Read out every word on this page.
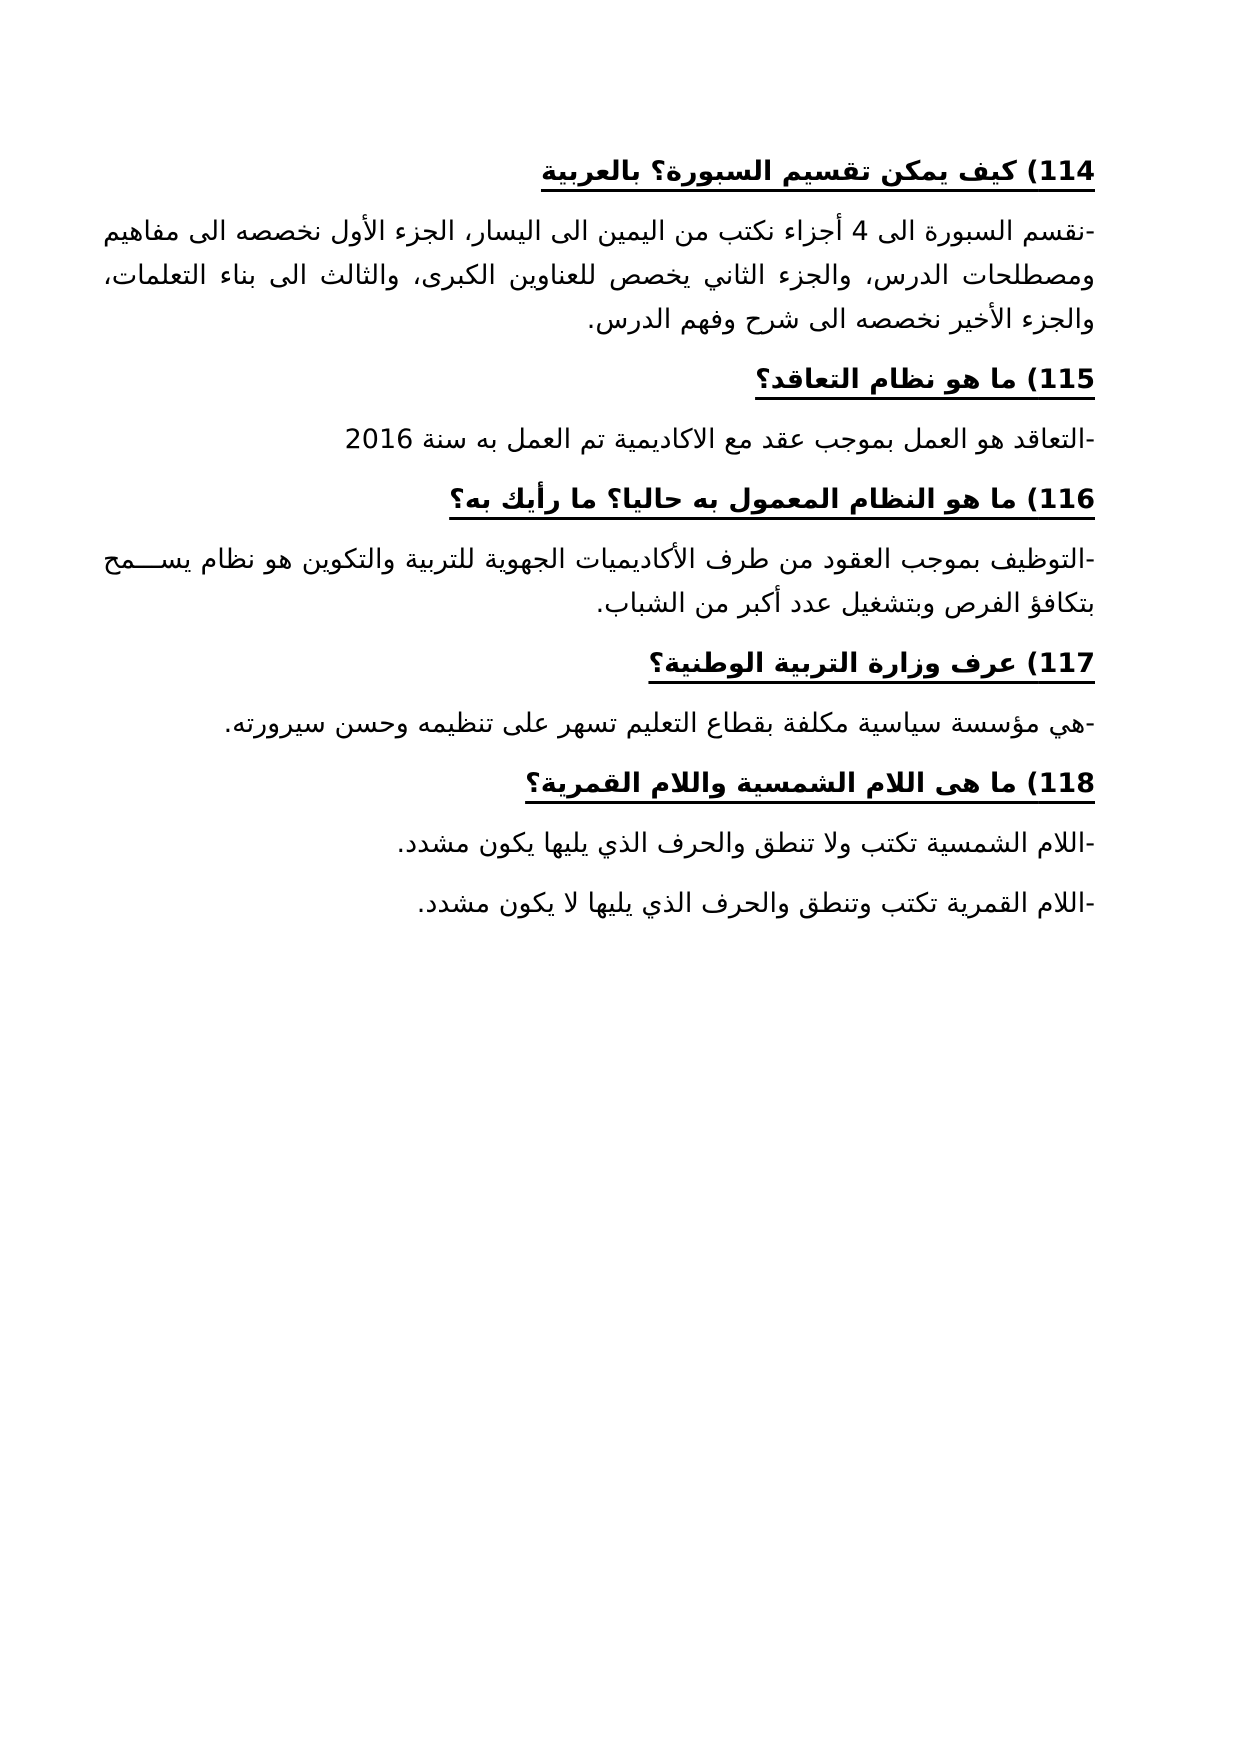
114) كيف يمكن تقسيم السبورة؟ بالعربية

-نقسم السبورة الى 4 أجزاء نكتب من اليمين الى اليسار، الجزء الأول نخصصه الى مفاهيم ومصطلحات الدرس، والجزء الثاني يخصص للعناوين الكبرى، والثالث الى بناء التعلمات، والجزء الأخير نخصصه الى شرح وفهم الدرس.

115) ما هو نظام التعاقد؟

-التعاقد هو العمل بموجب عقد مع الاكاديمية تم العمل به سنة 2016

116) ما هو النظام المعمول به حاليا؟ ما رأيك به؟

-التوظيف بموجب العقود من طرف الأكاديميات الجهوية للتربية والتكوين هو نظام يســـمح بتكافؤ الفرص وبتشغيل عدد أكبر من الشباب.

117) عرف وزارة التربية الوطنية؟

-هي مؤسسة سياسية مكلفة بقطاع التعليم تسهر على تنظيمه وحسن سيرورته.

118) ما هى اللام الشمسية واللام القمرية؟

-اللام الشمسية تكتب ولا تنطق والحرف الذي يليها يكون مشدد.

-اللام القمرية تكتب وتنطق والحرف الذي يليها لا يكون مشدد.
